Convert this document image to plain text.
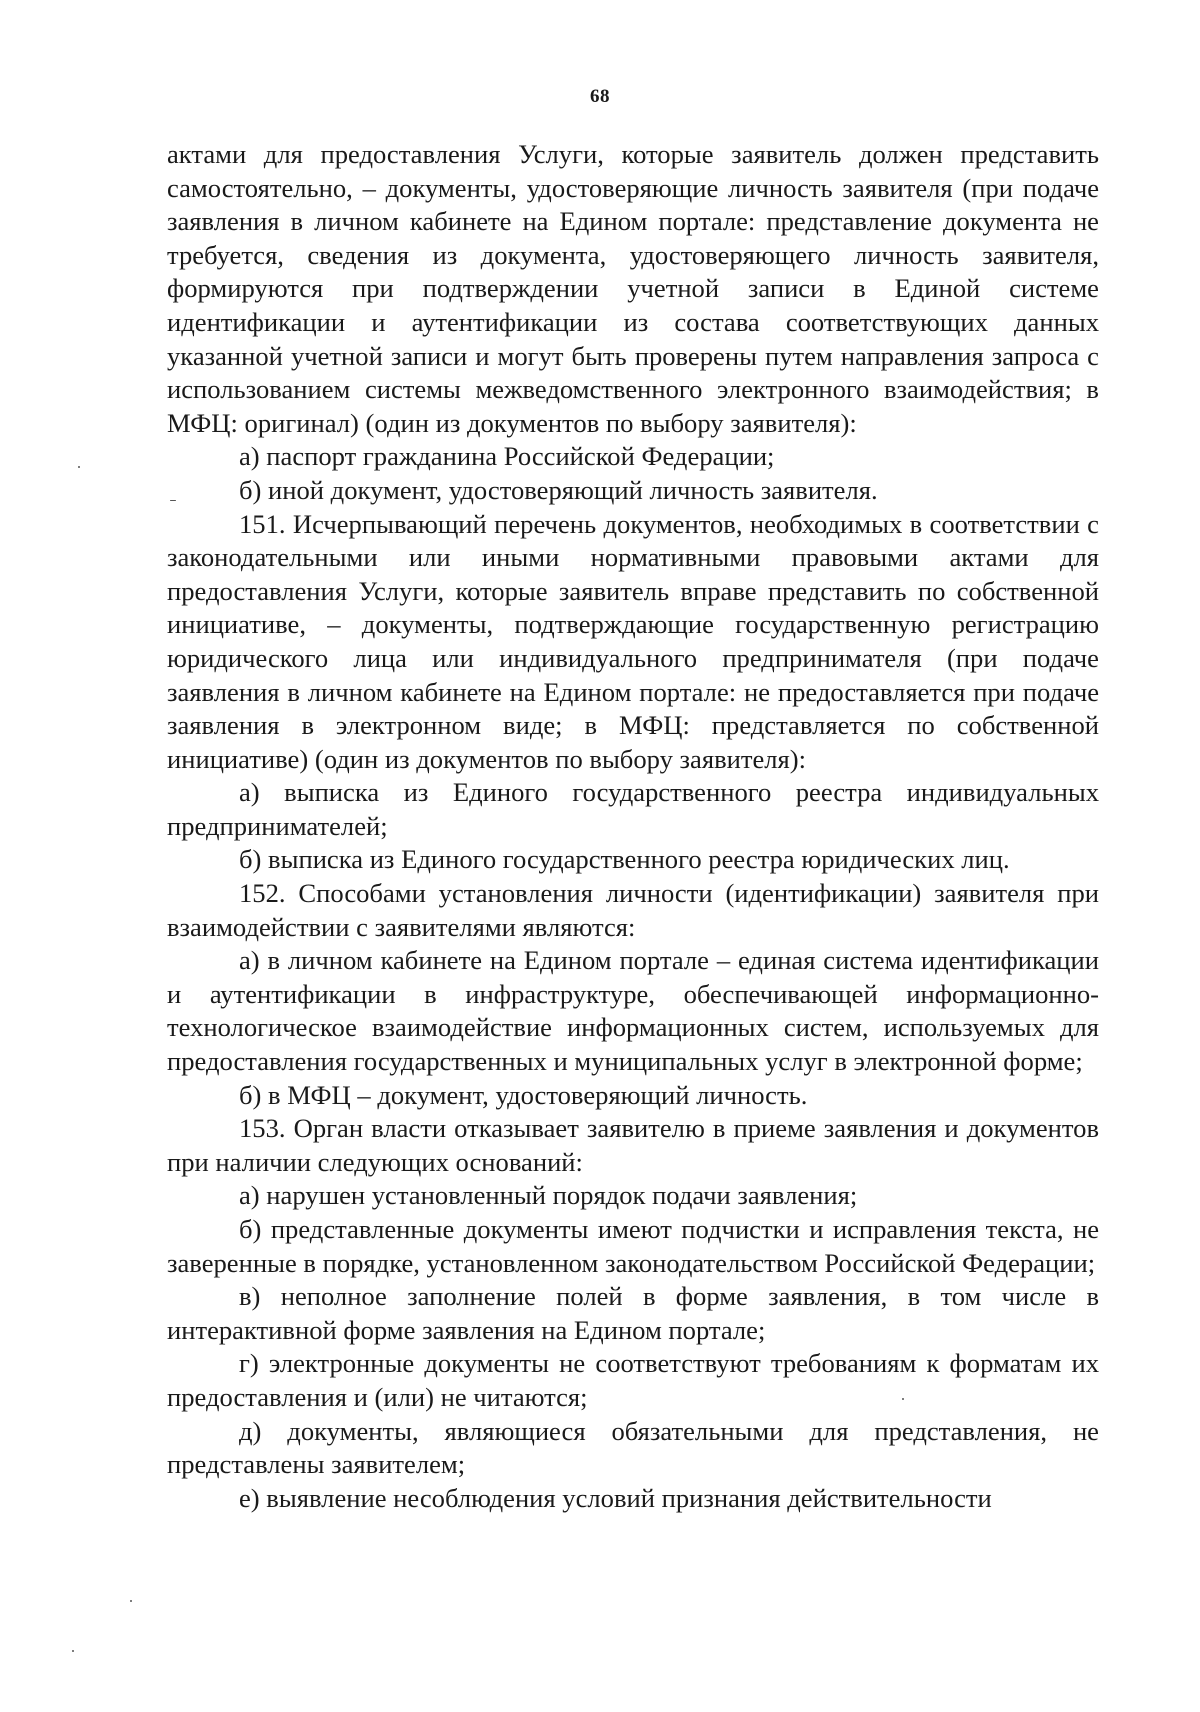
68

актами для предоставления Услуги, которые заявитель должен представить самостоятельно, – документы, удостоверяющие личность заявителя (при подаче заявления в личном кабинете на Едином портале: представление документа не требуется, сведения из документа, удостоверяющего личность заявителя, формируются при подтверждении учетной записи в Единой системе идентификации и аутентификации из состава соответствующих данных указанной учетной записи и могут быть проверены путем направления запроса с использованием системы межведомственного электронного взаимодействия; в МФЦ: оригинал) (один из документов по выбору заявителя):

а) паспорт гражданина Российской Федерации;

б) иной документ, удостоверяющий личность заявителя.

151. Исчерпывающий перечень документов, необходимых в соответствии с законодательными или иными нормативными правовыми актами для предоставления Услуги, которые заявитель вправе представить по собственной инициативе, – документы, подтверждающие государственную регистрацию юридического лица или индивидуального предпринимателя (при подаче заявления в личном кабинете на Едином портале: не предоставляется при подаче заявления в электронном виде; в МФЦ: представляется по собственной инициативе) (один из документов по выбору заявителя):

а) выписка из Единого государственного реестра индивидуальных предпринимателей;

б) выписка из Единого государственного реестра юридических лиц.

152. Способами установления личности (идентификации) заявителя при взаимодействии с заявителями являются:

а) в личном кабинете на Едином портале – единая система идентификации и аутентификации в инфраструктуре, обеспечивающей информационно-технологическое взаимодействие информационных систем, используемых для предоставления государственных и муниципальных услуг в электронной форме;

б) в МФЦ – документ, удостоверяющий личность.

153. Орган власти отказывает заявителю в приеме заявления и документов при наличии следующих оснований:

а) нарушен установленный порядок подачи заявления;

б) представленные документы имеют подчистки и исправления текста, не заверенные в порядке, установленном законодательством Российской Федерации;

в) неполное заполнение полей в форме заявления, в том числе в интерактивной форме заявления на Едином портале;

г) электронные документы не соответствуют требованиям к форматам их предоставления и (или) не читаются;

д) документы, являющиеся обязательными для представления, не представлены заявителем;

е) выявление несоблюдения условий признания действительности
